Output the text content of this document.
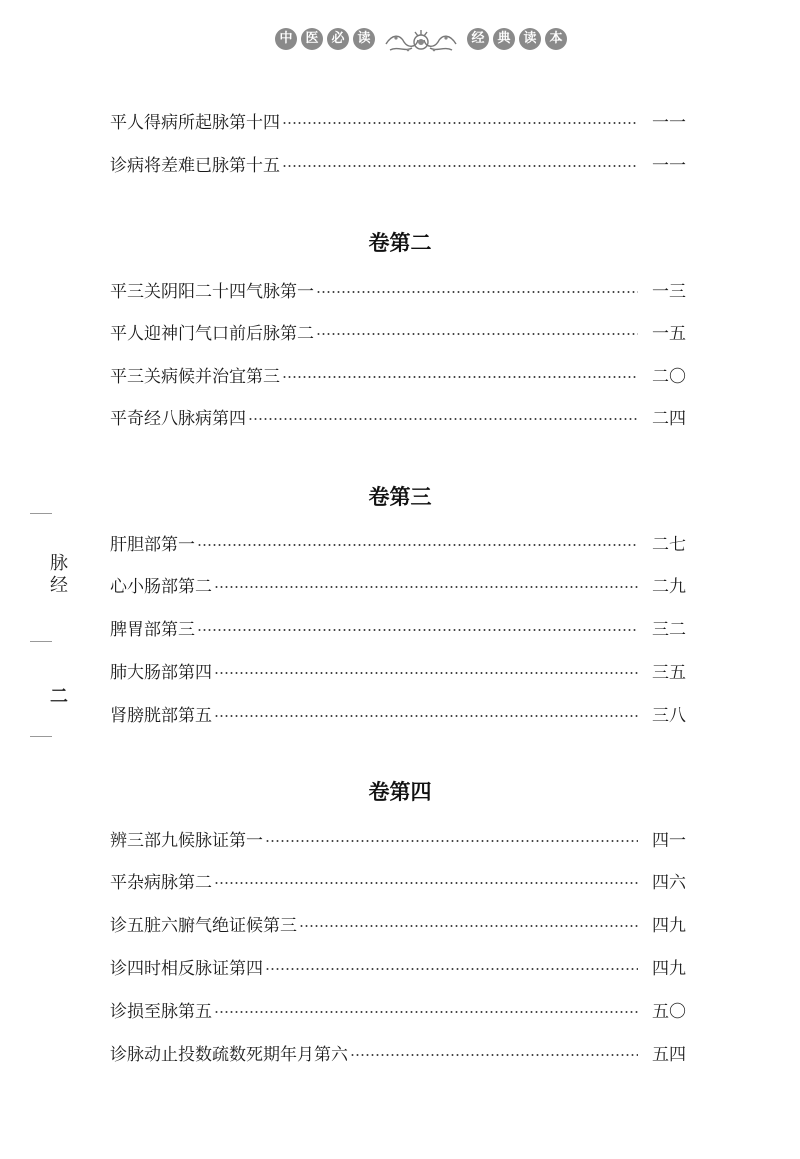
中 医 必 读	经 典 读 本
脉
经
二
平人得病所起脉第十四	一一
诊病将差难已脉第十五	一一
卷第二
平三关阴阳二十四气脉第一	一三
平人迎神门气口前后脉第二	一五
平三关病候并治宜第三	二〇
平奇经八脉病第四	二四
卷第三
肝胆部第一	二七
心小肠部第二	二九
脾胃部第三	三二
肺大肠部第四	三五
肾膀胱部第五	三八
卷第四
辨三部九候脉证第一	四一
平杂病脉第二	四六
诊五脏六腑气绝证候第三	四九
诊四时相反脉证第四	四九
诊损至脉第五	五〇
诊脉动止投数疏数死期年月第六	五四
